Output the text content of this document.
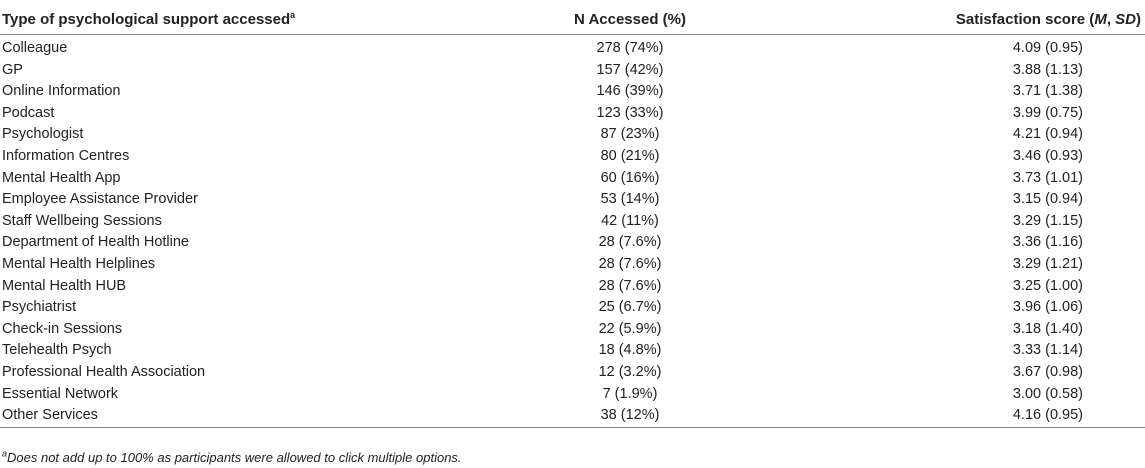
Type of psychological support accessed$^a$	N Accessed (%)	Satisfaction score (M, SD)
Colleague	278 (74%)	4.09 (0.95)
GP	157 (42%)	3.88 (1.13)
Online Information	146 (39%)	3.71 (1.38)
Podcast	123 (33%)	3.99 (0.75)
Psychologist	87 (23%)	4.21 (0.94)
Information Centres	80 (21%)	3.46 (0.93)
Mental Health App	60 (16%)	3.73 (1.01)
Employee Assistance Provider	53 (14%)	3.15 (0.94)
Staff Wellbeing Sessions	42 (11%)	3.29 (1.15)
Department of Health Hotline	28 (7.6%)	3.36 (1.16)
Mental Health Helplines	28 (7.6%)	3.29 (1.21)
Mental Health HUB	28 (7.6%)	3.25 (1.00)
Psychiatrist	25 (6.7%)	3.96 (1.06)
Check-in Sessions	22 (5.9%)	3.18 (1.40)
Telehealth Psych	18 (4.8%)	3.33 (1.14)
Professional Health Association	12 (3.2%)	3.67 (0.98)
Essential Network	7 (1.9%)	3.00 (0.58)
Other Services	38 (12%)	4.16 (0.95)
$^a$Does not add up to 100% as participants were allowed to click multiple options.
